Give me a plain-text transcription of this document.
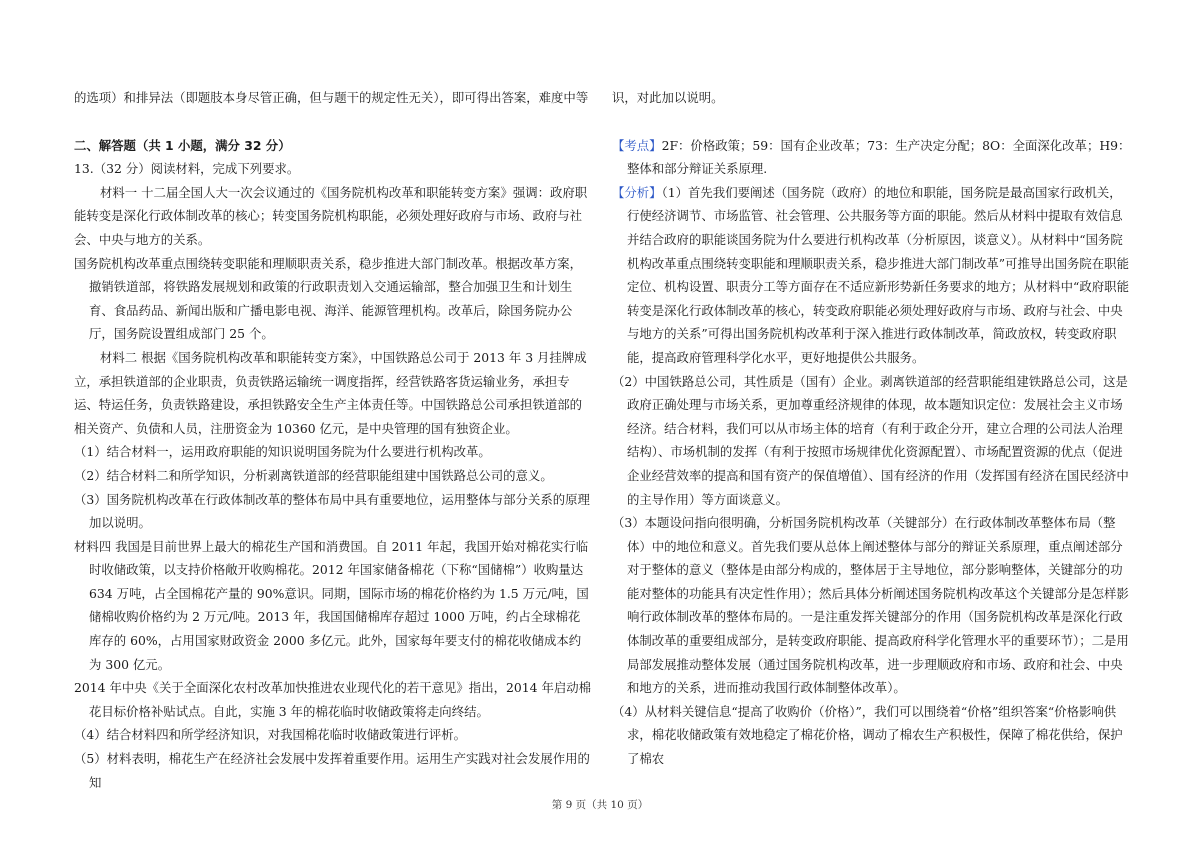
的选项）和排异法（即题肢本身尽管正确，但与题干的规定性无关），即可得出答案，难度中等

二、解答题（共 1 小题，满分 32 分）

13.（32 分）阅读材料，完成下列要求。

材料一 十二届全国人大一次会议通过的《国务院机构改革和职能转变方案》强调：政府职能转变是深化行政体制改革的核心；转变国务院机构职能，必须处理好政府与市场、政府与社会、中央与地方的关系。

国务院机构改革重点围绕转变职能和理顺职责关系，稳步推进大部门制改革。根据改革方案，撤销铁道部，将铁路发展规划和政策的行政职责划入交通运输部，整合加强卫生和计划生育、食品药品、新闻出版和广播电影电视、海洋、能源管理机构。改革后，除国务院办公厅，国务院设置组成部门 25 个。

材料二 根据《国务院机构改革和职能转变方案》，中国铁路总公司于 2013 年 3 月挂牌成立，承担铁道部的企业职责，负责铁路运输统一调度指挥，经营铁路客货运输业务，承担专运、特运任务，负责铁路建设，承担铁路安全生产主体责任等。中国铁路总公司承担铁道部的相关资产、负债和人员，注册资金为 10360 亿元，是中央管理的国有独资企业。

（1）结合材料一，运用政府职能的知识说明国务院为什么要进行机构改革。

（2）结合材料二和所学知识，分析剥离铁道部的经营职能组建中国铁路总公司的意义。

（3）国务院机构改革在行政体制改革的整体布局中具有重要地位，运用整体与部分关系的原理加以说明。

材料四 我国是目前世界上最大的棉花生产国和消费国。自 2011 年起，我国开始对棉花实行临时收储政策，以支持价格敞开收购棉花。2012 年国家储备棉花（下称“国储棉”）收购量达 634 万吨，占全国棉花产量的 90%意识。同期，国际市场的棉花价格约为 1.5 万元/吨，国储棉收购价格约为 2 万元/吨。2013 年，我国国储棉库存超过 1000 万吨，约占全球棉花库存的 60%，占用国家财政资金 2000 多亿元。此外，国家每年要支付的棉花收储成本约为 300 亿元。

2014 年中央《关于全面深化农村改革加快推进农业现代化的若干意见》指出，2014 年启动棉花目标价格补贴试点。自此，实施 3 年的棉花临时收储政策将走向终结。

（4）结合材料四和所学经济知识，对我国棉花临时收储政策进行评析。

（5）材料表明，棉花生产在经济社会发展中发挥着重要作用。运用生产实践对社会发展作用的知

识，对此加以说明。

【考点】2F：价格政策；59：国有企业改革；73：生产决定分配；8O：全面深化改革；H9：整体和部分辩证关系原理.

【分析】（1）首先我们要阐述（国务院（政府）的地位和职能，国务院是最高国家行政机关，行使经济调节、市场监管、社会管理、公共服务等方面的职能。然后从材料中提取有效信息并结合政府的职能谈国务院为什么要进行机构改革（分析原因，谈意义）。从材料中“国务院机构改革重点围绕转变职能和理顺职责关系，稳步推进大部门制改革”可推导出国务院在职能定位、机构设置、职责分工等方面存在不适应新形势新任务要求的地方；从材料中“政府职能转变是深化行政体制改革的核心，转变政府职能必须处理好政府与市场、政府与社会、中央与地方的关系”可得出国务院机构改革利于深入推进行政体制改革，简政放权，转变政府职能，提高政府管理科学化水平，更好地提供公共服务。

（2）中国铁路总公司，其性质是（国有）企业。剥离铁道部的经营职能组建铁路总公司，这是政府正确处理与市场关系，更加尊重经济规律的体现，故本题知识定位：发展社会主义市场经济。结合材料，我们可以从市场主体的培育（有利于政企分开，建立合理的公司法人治理结构）、市场机制的发挥（有利于按照市场规律优化资源配置）、市场配置资源的优点（促进企业经营效率的提高和国有资产的保值增值）、国有经济的作用（发挥国有经济在国民经济中的主导作用）等方面谈意义。

（3）本题设问指向很明确，分析国务院机构改革（关键部分）在行政体制改革整体布局（整体）中的地位和意义。首先我们要从总体上阐述整体与部分的辩证关系原理，重点阐述部分对于整体的意义（整体是由部分构成的，整体居于主导地位，部分影响整体，关键部分的功能对整体的功能具有决定性作用）；然后具体分析阐述国务院机构改革这个关键部分是怎样影响行政体制改革的整体布局的。一是注重发挥关键部分的作用（国务院机构改革是深化行政体制改革的重要组成部分，是转变政府职能、提高政府科学化管理水平的重要环节）；二是用局部发展推动整体发展（通过国务院机构改革，进一步理顺政府和市场、政府和社会、中央和地方的关系，进而推动我国行政体制整体改革）。

（4）从材料关键信息“提高了收购价（价格）”，我们可以围绕着“价格”组织答案“价格影响供求，棉花收储政策有效地稳定了棉花价格，调动了棉农生产积极性，保障了棉花供给，保护了棉农

第 9 页（共 10 页）
